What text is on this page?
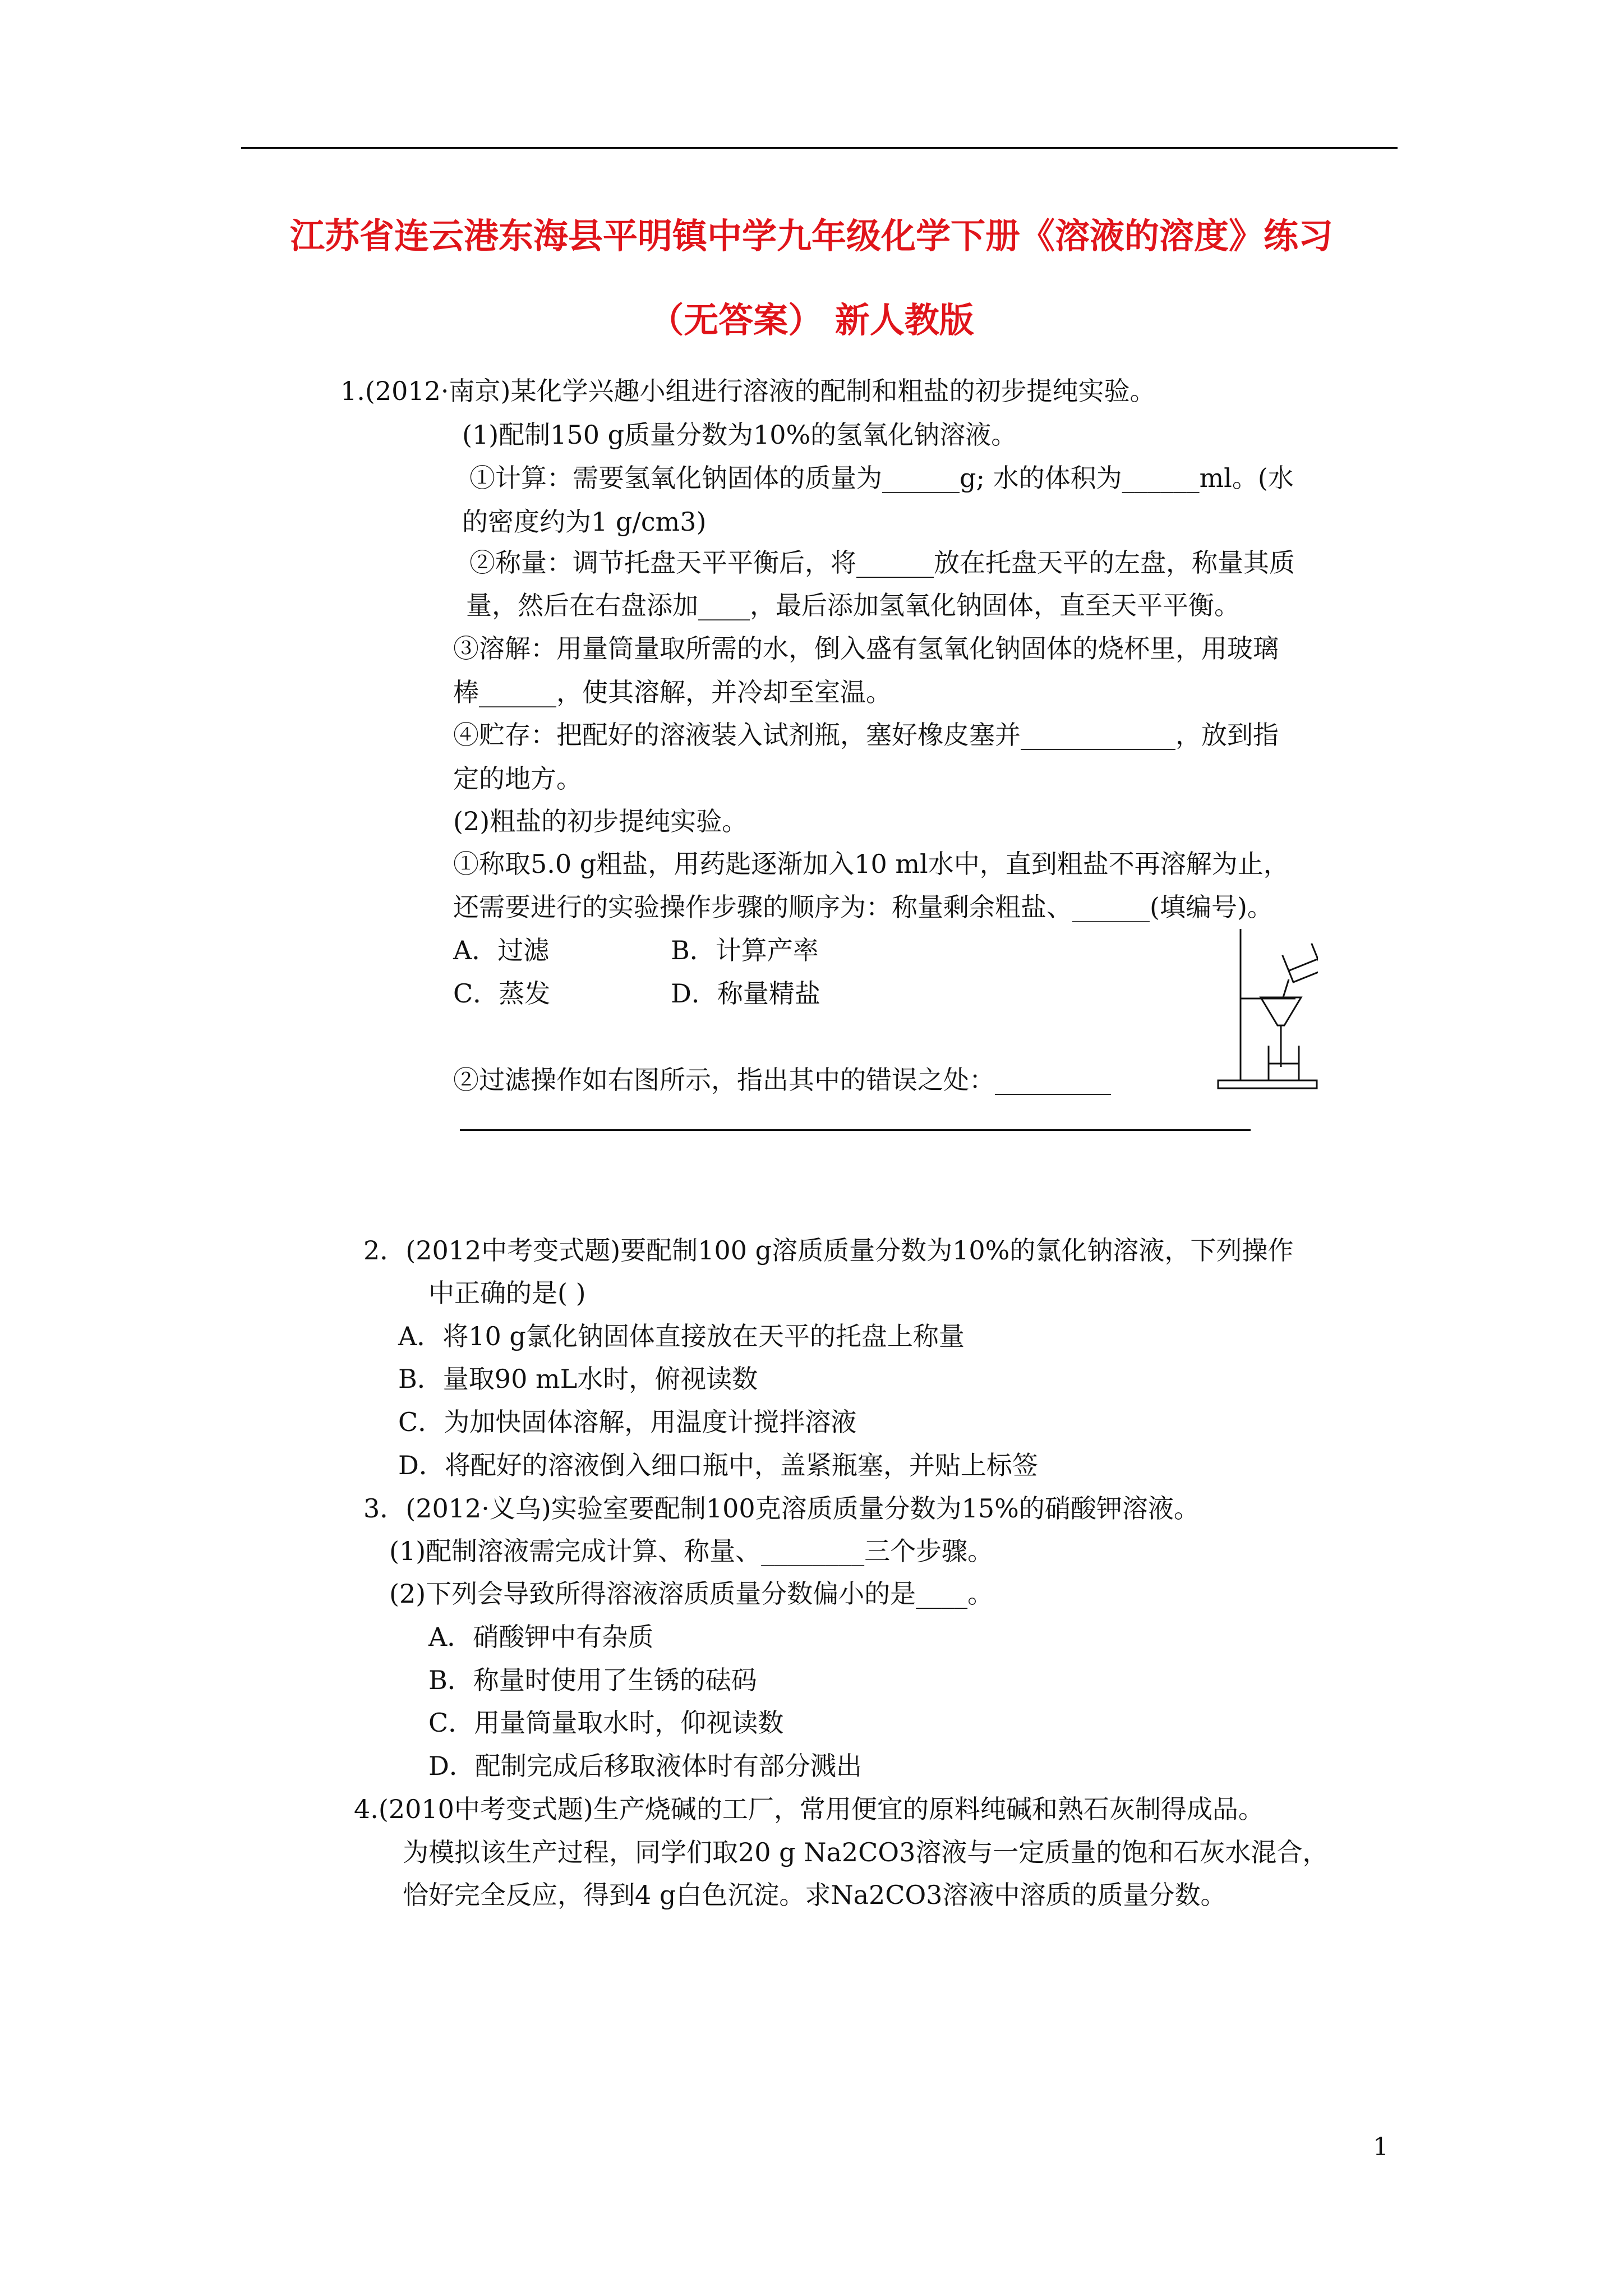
江苏省连云港东海县平明镇中学九年级化学下册《溶液的溶度》练习
（无答案） 新人教版
1.(2012·南京)某化学兴趣小组进行溶液的配制和粗盐的初步提纯实验。
(1)配制150 g质量分数为10%的氢氧化钠溶液。
①计算：需要氢氧化钠固体的质量为______g; 水的体积为______ml。(水
的密度约为1 g/cm3)
②称量：调节托盘天平平衡后，将______放在托盘天平的左盘，称量其质
量，然后在右盘添加____，最后添加氢氧化钠固体，直至天平平衡。
③溶解：用量筒量取所需的水，倒入盛有氢氧化钠固体的烧杯里，用玻璃
棒______，使其溶解，并冷却至室温。
④贮存：把配好的溶液装入试剂瓶，塞好橡皮塞并____________，放到指
定的地方。
(2)粗盐的初步提纯实验。
①称取5.0 g粗盐，用药匙逐渐加入10 ml水中，直到粗盐不再溶解为止，
还需要进行的实验操作步骤的顺序为：称量剩余粗盐、______(填编号)。
A．过滤	B．计算产率
C．蒸发	D．称量精盐
②过滤操作如右图所示，指出其中的错误之处：_________
2．(2012中考变式题)要配制100 g溶质质量分数为10%的氯化钠溶液，下列操作
中正确的是( )
A．将10 g氯化钠固体直接放在天平的托盘上称量
B．量取90 mL水时，俯视读数
C．为加快固体溶解，用温度计搅拌溶液
D．将配好的溶液倒入细口瓶中，盖紧瓶塞，并贴上标签
3．(2012·义乌)实验室要配制100克溶质质量分数为15%的硝酸钾溶液。
(1)配制溶液需完成计算、称量、________三个步骤。
(2)下列会导致所得溶液溶质质量分数偏小的是____。
A．硝酸钾中有杂质
B．称量时使用了生锈的砝码
C．用量筒量取水时，仰视读数
D．配制完成后移取液体时有部分溅出
4.(2010中考变式题)生产烧碱的工厂，常用便宜的原料纯碱和熟石灰制得成品。
为模拟该生产过程，同学们取20 g Na2CO3溶液与一定质量的饱和石灰水混合，
恰好完全反应，得到4 g白色沉淀。求Na2CO3溶液中溶质的质量分数。
1
